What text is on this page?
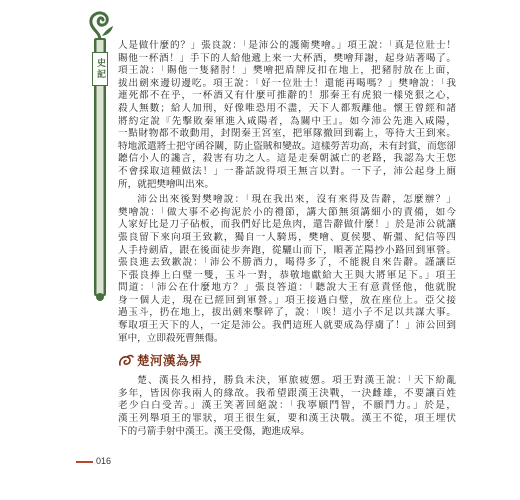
史記
人是做什麼的？」張良說：「是沛公的護衛樊噲。」項王說：「真是位壯士！
賜他一杯酒！」手下的人給他遞上來一大杯酒，樊噲拜謝，起身站著喝了。
項王說：「賜他一隻豬肘！」樊噲把盾牌反扣在地上，把豬肘放在上面，
拔出劍來邊切邊吃。項王說：「好一位壯士！還能再喝嗎？」樊噲說：「我
連死都不在乎，一杯酒又有什麼可推辭的！那秦王有虎狼一樣兇狠之心，
殺人無數；給人加刑，好像唯恐用不盡，天下人都叛離他。懷王曾經和諸
將約定說『先擊敗秦軍進入咸陽者，為關中王』。如今沛公先進入咸陽，
一點財物都不敢動用，封閉秦王宮室，把軍隊撤回到霸上，等待大王到來。
特地派遣將士把守函谷關，防止盜賊和變故。這樣勞苦功高，未有封賞，而您卻
聽信小人的讒言，殺害有功之人。這是走秦朝滅亡的老路，我認為大王您
不會採取這種做法！」一番話說得項王無言以對。一下子，沛公起身上廁
所，就把樊噲叫出來。
沛公出來後對樊噲說：「現在我出來，沒有來得及告辭，怎麼辦？」
樊噲說：「做大事不必拘泥於小的禮節，講大節無須講細小的責備，如今
人家好比是刀子砧板，而我們好比是魚肉，還告辭做什麼！」於是沛公就讓
張良留下來向項王致歉，獨自一人騎馬，樊噲、夏侯嬰、靳彊、紀信等四
人手持劍盾，跟在後面徒步奔跑，從驪山而下，順著芷陽抄小路回到軍營。
張良進去致歉說：「沛公不勝酒力，喝得多了，不能親自來告辭。謹讓臣
下張良捧上白璧一雙，玉斗一對，恭敬地獻給大王與大將軍足下。」項王
問道：「沛公在什麼地方？」張良答道：「聽說大王有意責怪他，他就脫
身一個人走，現在已經回到軍營。」項王接過白璧，放在座位上。亞父接
過玉斗，扔在地上，拔出劍來擊碎了，說：「唉！這小子不足以共謀大事。
奪取項王天下的人，一定是沛公。我們這班人就要成為俘虜了！」沛公回到
軍中，立即殺死曹無傷。
楚河漢為界
楚、漢長久相持，勝負未決，軍旅疲憊。項王對漢王說：「天下紛亂
多年，皆因你我兩人的緣故。我希望跟漢王決戰，一決雌雄，不要讓百姓
老少白白受苦。」漢王笑著回絕說：「我寧願鬥智，不願鬥力。」於是，
漢王列舉項王的罪狀，項王很生氣，要和漢王決戰。漢王不從，項王埋伏
下的弓箭手射中漢王。漢王受傷，跑進成皋。
016
